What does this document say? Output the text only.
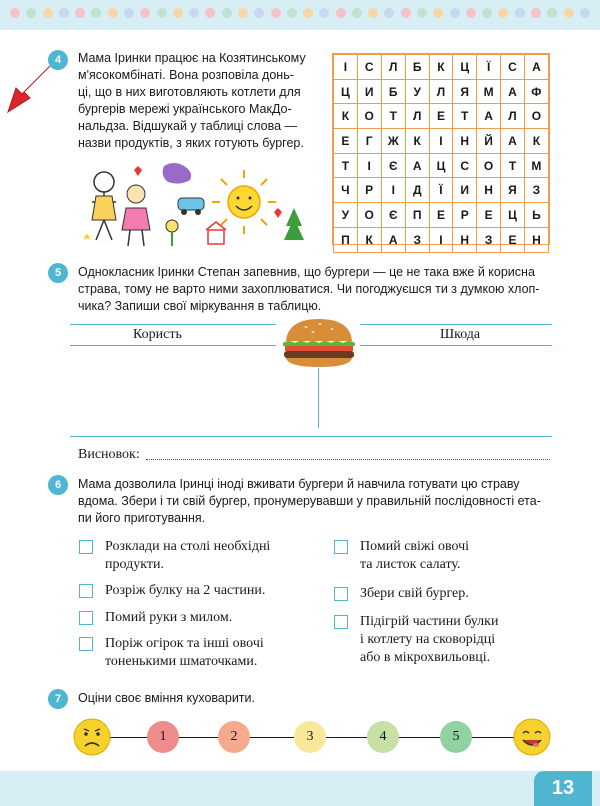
4	Мама Іринки працює на Козятинському
м'ясокомбінаті. Вона розповіла донь-
ці, що в них виготовляють котлети для
бургерів мережі українського МакДо-
нальдза. Відшукай у таблиці слова —
назви продуктів, з яких готують бургер.
І	С	Л	Б	К	Ц	Ї	С	А
Ц	И	Б	У	Л	Я	М	А	Ф
К	О	Т	Л	Е	Т	А	Л	О
Е	Г	Ж	К	І	Н	Й	А	К
Т	І	Є	А	Ц	С	О	Т	М
Ч	Р	І	Д	Ї	И	Н	Я	З
У	О	Є	П	Е	Р	Е	Ц	Ь
П	К	А	З	І	Н	З	Е	Н
5	Однокласник Іринки Степан запевнив, що бургери — це не така вже й корисна
страва, тому не варто ними захоплюватися. Чи погоджуєшся ти з думкою хлоп-
чика? Запиши свої міркування в таблицю.
Користь	Шкода
Висновок:
6	Мама дозволила Іринці іноді вживати бургери й навчила готувати цю страву
вдома. Збери і ти свій бургер, пронумерувавши у правильній послідовності ета-
пи його приготування.
Розклади на столі необхідні
продукти.
Розріж булку на 2 частини.
Помий руки з милом.
Поріж огірок та інші овочі
тоненькими шматочками.
Помий свіжі овочі
та листок салату.
Збери свій бургер.
Підігрій частини булки
і котлету на сковорідці
або в мікрохвильовці.
7	Оціни своє вміння куховарити.
1	2	3	4	5
13
